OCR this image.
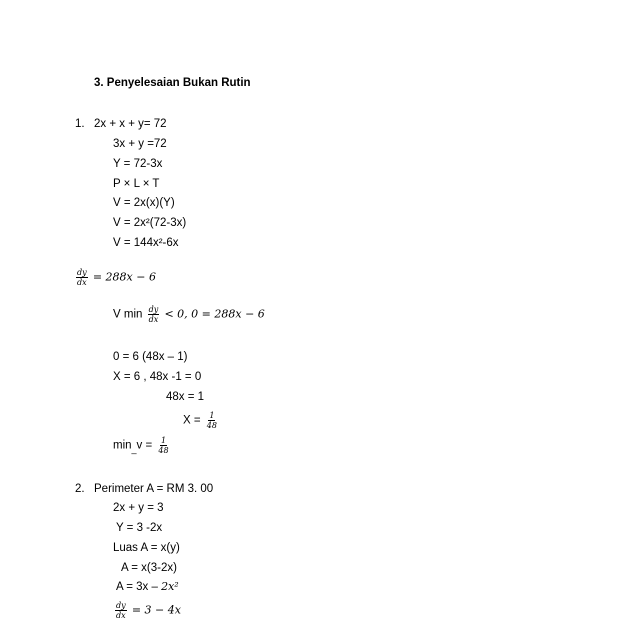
3. Penyelesaian Bukan Rutin
1. 2x + x + y= 72
3x + y =72
Y = 72-3x
P × L × T
V = 2x(x)(Y)
V = 2x²(72-3x)
V = 144x²-6x
$\frac{dy}{dx} = 288x - 6$
V $\min \frac{dy}{dx} < 0$, 0 = 288x − 6
0 = 6 (48x – 1)
X = 6 , 48x -1 = 0
48x = 1
$X = \frac{1}{48}$
$\min_{\_}v = \frac{1}{48}$
2. Perimeter A = RM 3. 00
2x + y = 3
Y = 3 -2x
Luas A = x(y)
A = x(3-2x)
A = 3x – 2x²
$\frac{dy}{dx} = 3 - 4x$
